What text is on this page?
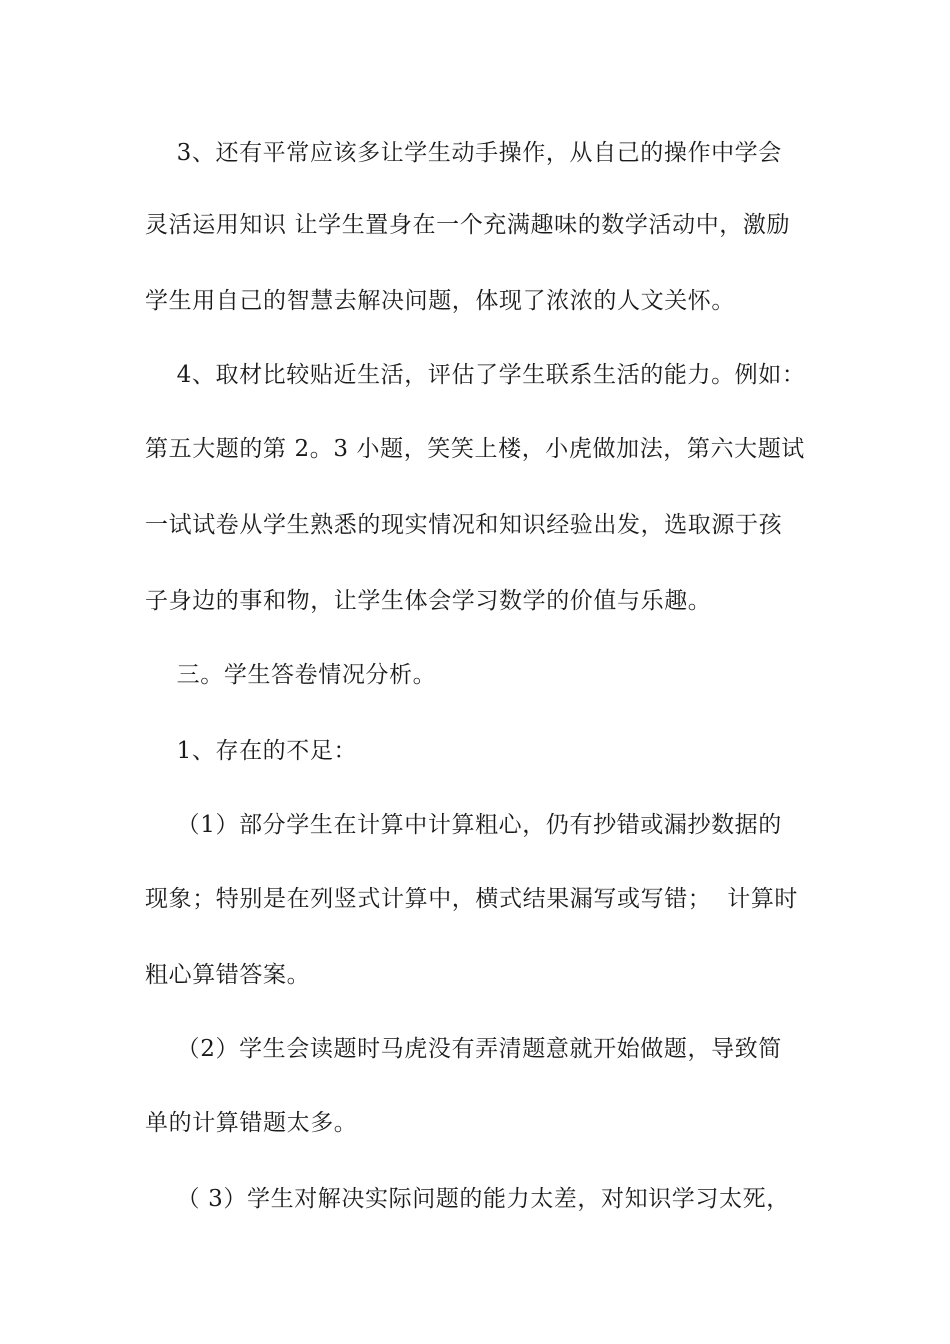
3、还有平常应该多让学生动手操作，从自己的操作中学会
灵活运用知识 让学生置身在一个充满趣味的数学活动中，激励
学生用自己的智慧去解决问题，体现了浓浓的人文关怀。
4、取材比较贴近生活，评估了学生联系生活的能力。例如：
第五大题的第 2。3 小题，笑笑上楼，小虎做加法，第六大题试
一试试卷从学生熟悉的现实情况和知识经验出发，选取源于孩
子身边的事和物，让学生体会学习数学的价值与乐趣。
三。学生答卷情况分析。
1、存在的不足：
（1）部分学生在计算中计算粗心，仍有抄错或漏抄数据的
现象；特别是在列竖式计算中，横式结果漏写或写错；  计算时
粗心算错答案。
（2）学生会读题时马虎没有弄清题意就开始做题，导致简
单的计算错题太多。
（ 3）学生对解决实际问题的能力太差，对知识学习太死，
